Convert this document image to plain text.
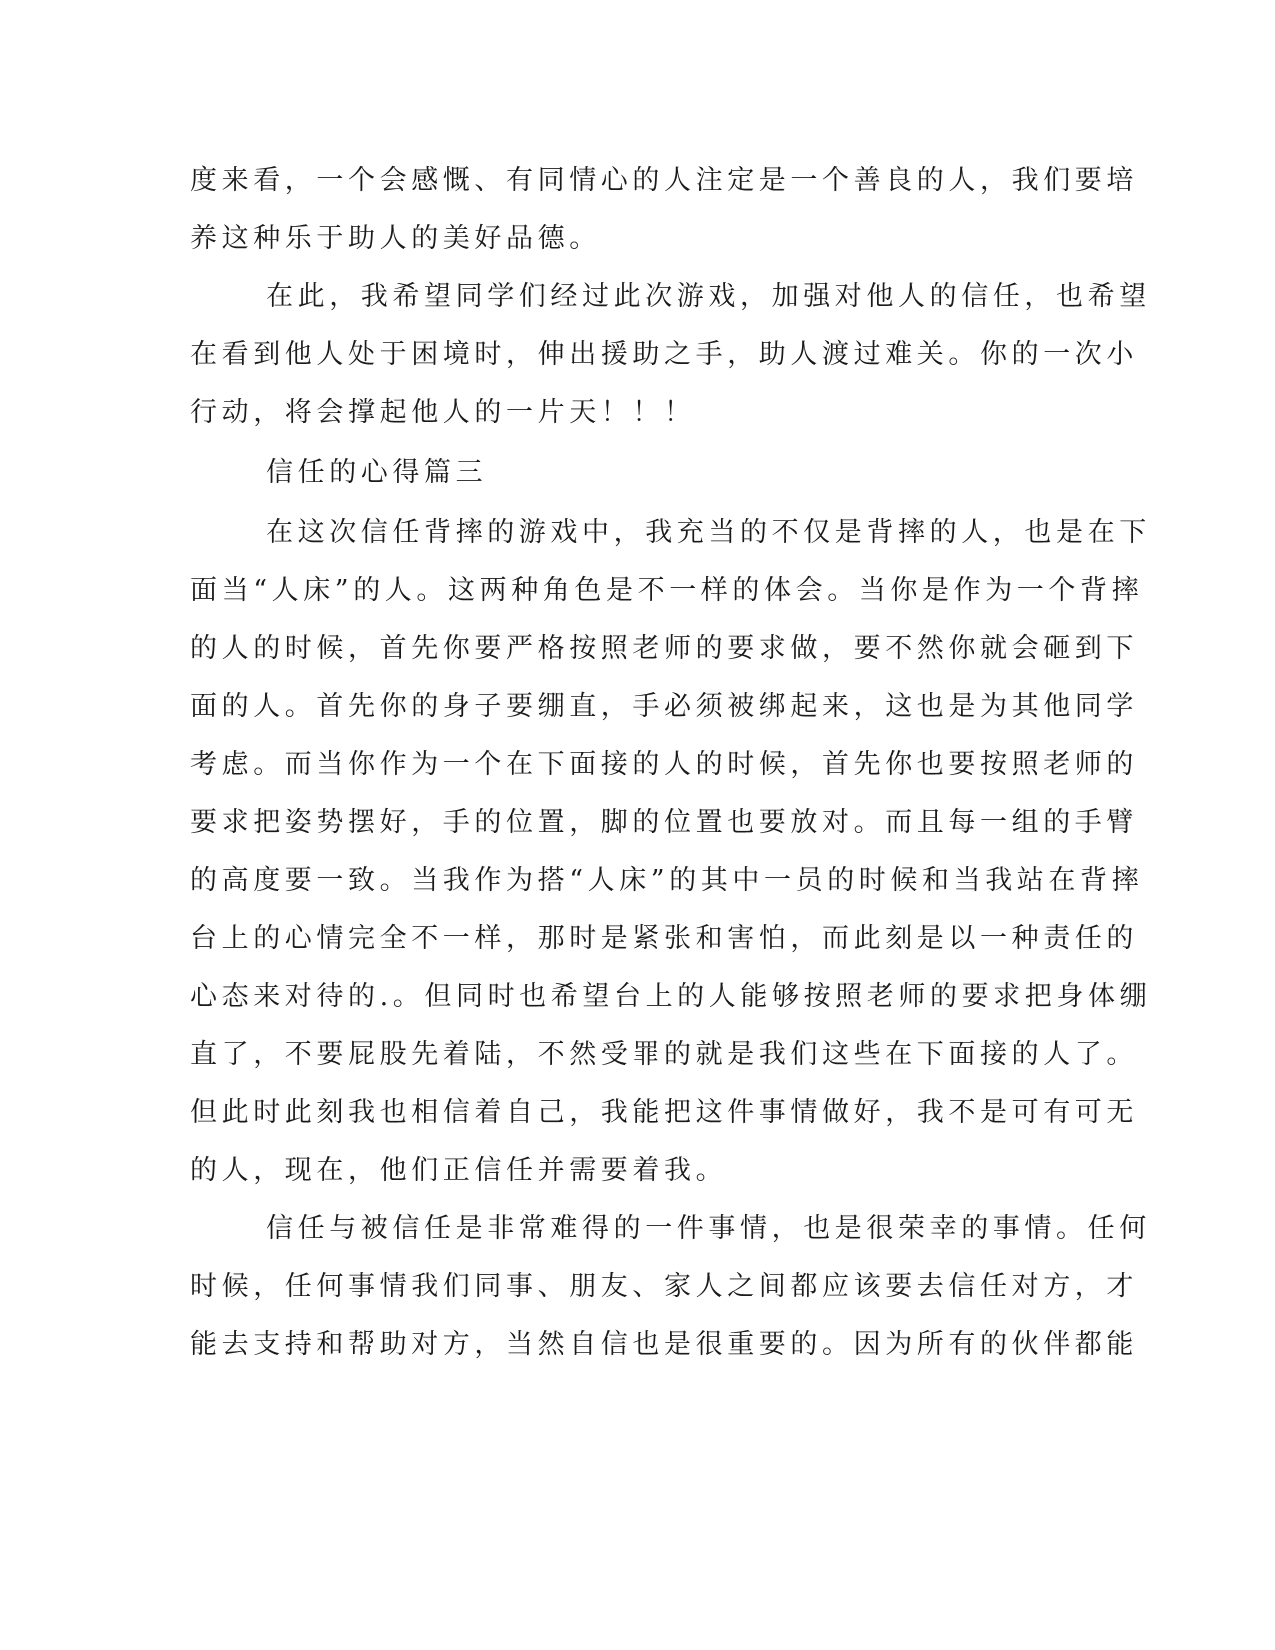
度来看，一个会感慨、有同情心的人注定是一个善良的人，我们要培

养这种乐于助人的美好品德。

在此，我希望同学们经过此次游戏，加强对他人的信任，也希望

在看到他人处于困境时，伸出援助之手，助人渡过难关。你的一次小

行动，将会撑起他人的一片天！！！

信任的心得篇三

在这次信任背摔的游戏中，我充当的不仅是背摔的人，也是在下

面当“人床”的人。这两种角色是不一样的体会。当你是作为一个背摔

的人的时候，首先你要严格按照老师的要求做，要不然你就会砸到下

面的人。首先你的身子要绷直，手必须被绑起来，这也是为其他同学

考虑。而当你作为一个在下面接的人的时候，首先你也要按照老师的

要求把姿势摆好，手的位置，脚的位置也要放对。而且每一组的手臂

的高度要一致。当我作为搭“人床”的其中一员的时候和当我站在背摔

台上的心情完全不一样，那时是紧张和害怕，而此刻是以一种责任的

心态来对待的.。但同时也希望台上的人能够按照老师的要求把身体绷

直了，不要屁股先着陆，不然受罪的就是我们这些在下面接的人了。

但此时此刻我也相信着自己，我能把这件事情做好，我不是可有可无

的人，现在，他们正信任并需要着我。

信任与被信任是非常难得的一件事情，也是很荣幸的事情。任何

时候，任何事情我们同事、朋友、家人之间都应该要去信任对方，才

能去支持和帮助对方，当然自信也是很重要的。因为所有的伙伴都能
